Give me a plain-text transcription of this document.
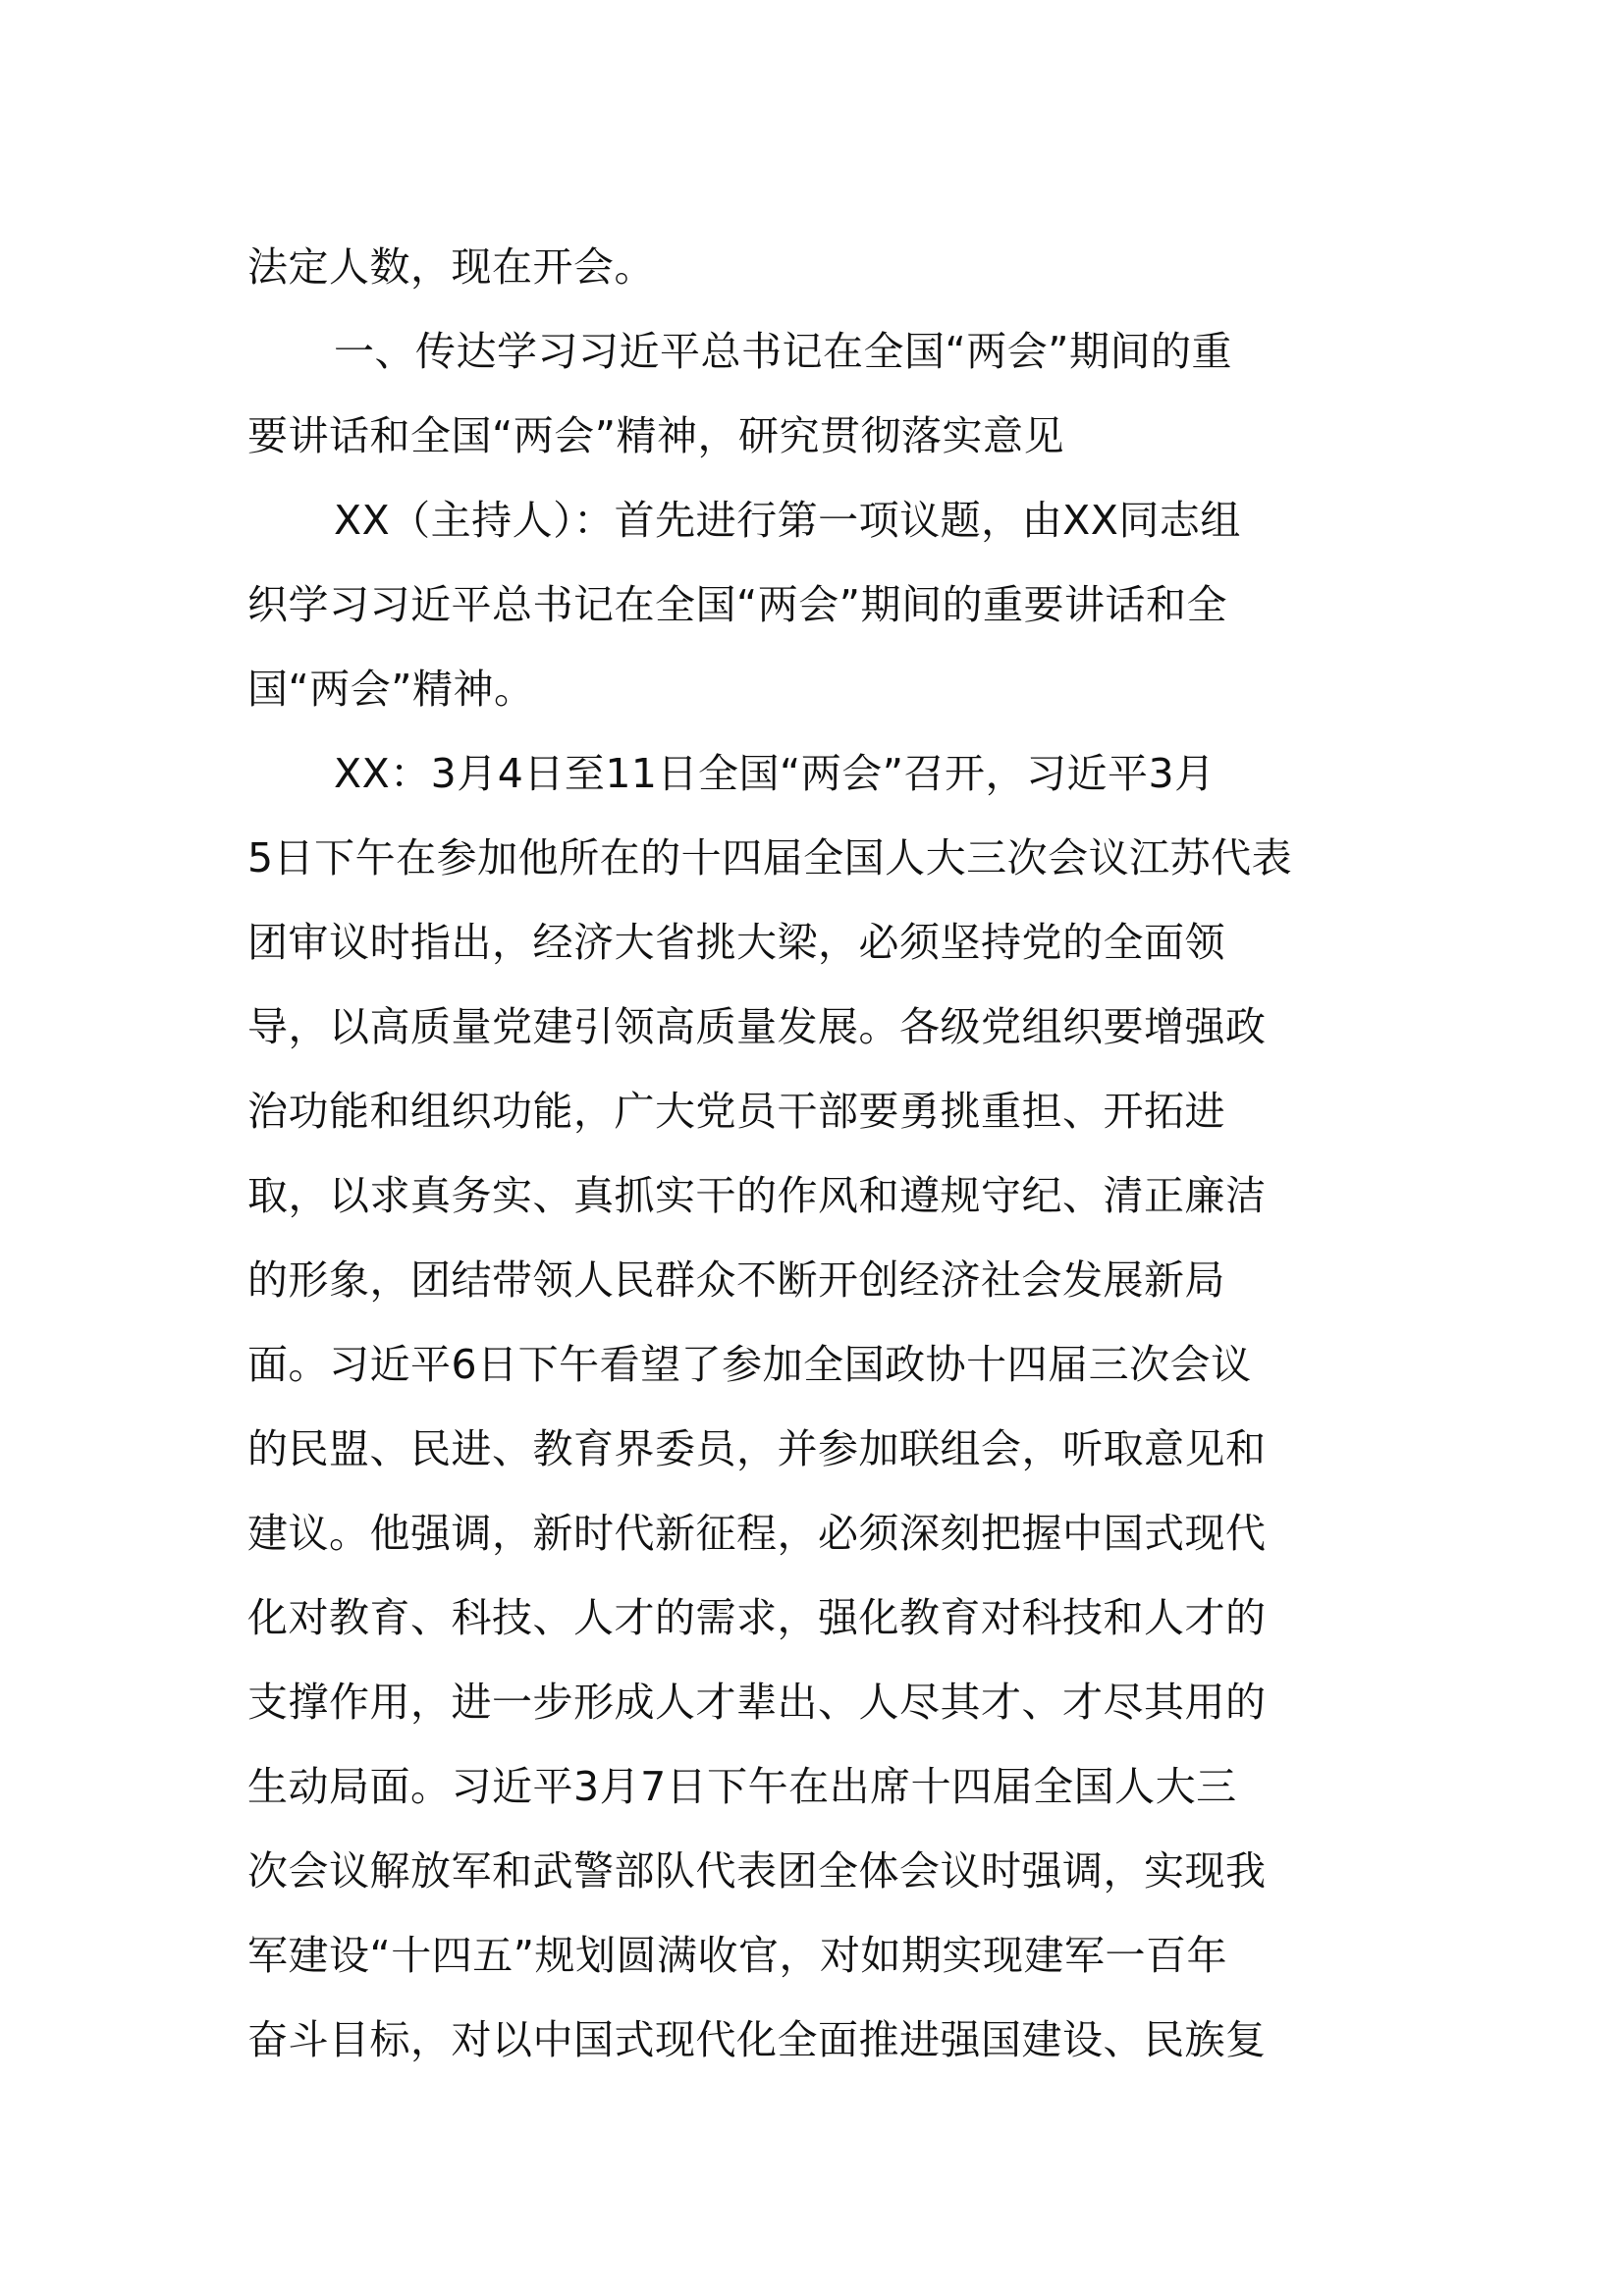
法定人数，现在开会。
一、传达学习习近平总书记在全国“两会”期间的重
要讲话和全国“两会”精神，研究贯彻落实意见
XX（主持人）：首先进行第一项议题，由XX同志组
织学习习近平总书记在全国“两会”期间的重要讲话和全
国“两会”精神。
XX：3月4日至11日全国“两会”召开，习近平3月
5日下午在参加他所在的十四届全国人大三次会议江苏代表
团审议时指出，经济大省挑大梁，必须坚持党的全面领
导，以高质量党建引领高质量发展。各级党组织要增强政
治功能和组织功能，广大党员干部要勇挑重担、开拓进
取，以求真务实、真抓实干的作风和遵规守纪、清正廉洁
的形象，团结带领人民群众不断开创经济社会发展新局
面。习近平6日下午看望了参加全国政协十四届三次会议
的民盟、民进、教育界委员，并参加联组会，听取意见和
建议。他强调，新时代新征程，必须深刻把握中国式现代
化对教育、科技、人才的需求，强化教育对科技和人才的
支撑作用，进一步形成人才辈出、人尽其才、才尽其用的
生动局面。习近平3月7日下午在出席十四届全国人大三
次会议解放军和武警部队代表团全体会议时强调，实现我
军建设“十四五”规划圆满收官，对如期实现建军一百年
奋斗目标，对以中国式现代化全面推进强国建设、民族复
